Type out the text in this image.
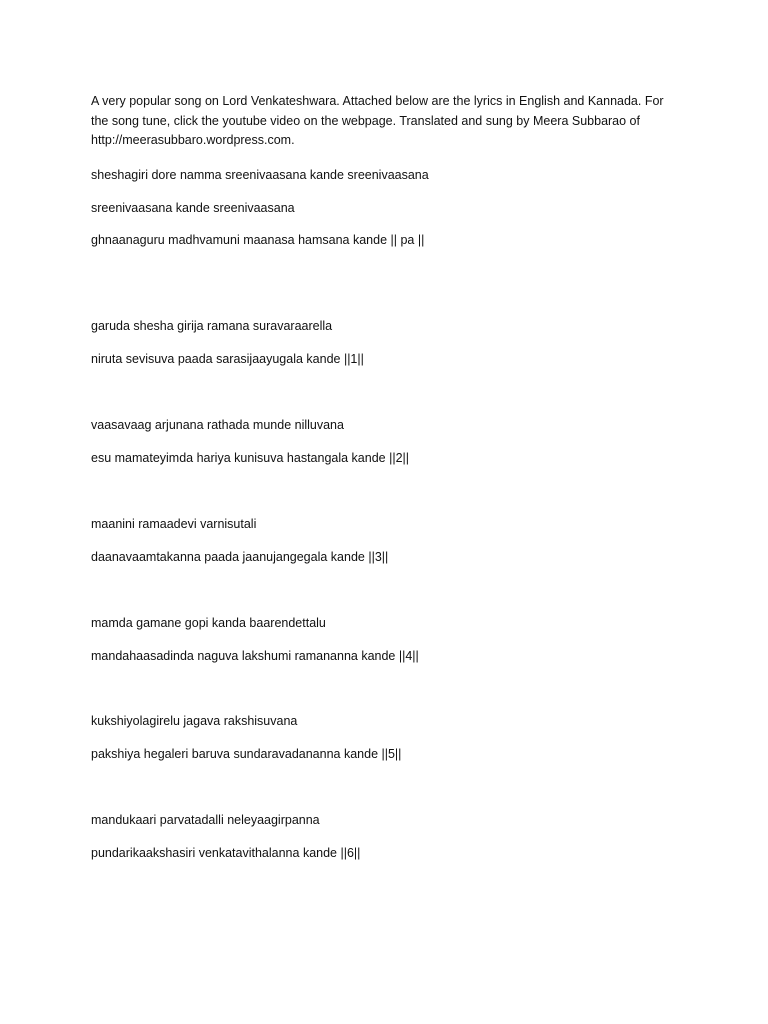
A very popular song on Lord Venkateshwara. Attached below are the lyrics in English and Kannada. For the song tune, click the youtube video on the webpage. Translated and sung by Meera Subbarao of http://meerasubbaro.wordpress.com.

sheshagiri dore namma sreenivaasana kande sreenivaasana

sreenivaasana kande sreenivaasana

ghnaanaguru madhvamuni maanasa hamsana kande || pa ||

garuda shesha girija ramana suravaraarella

niruta sevisuva paada sarasijaayugala kande ||1||

vaasavaag arjunana rathada munde nilluvana

esu mamateyimda hariya kunisuva hastangala kande ||2||

maanini ramaadevi varnisutali

daanavaamtakanna paada jaanujangegala kande ||3||

mamda gamane gopi kanda baarendettalu

mandahaasadinda naguva lakshumi ramananna kande ||4||

kukshiyolagirelu jagava rakshisuvana

pakshiya hegaleri baruva sundaravadananna kande ||5||

mandukaari parvatadalli neleyaagirpanna

pundarikaakshasiri venkatavithalanna kande ||6||
